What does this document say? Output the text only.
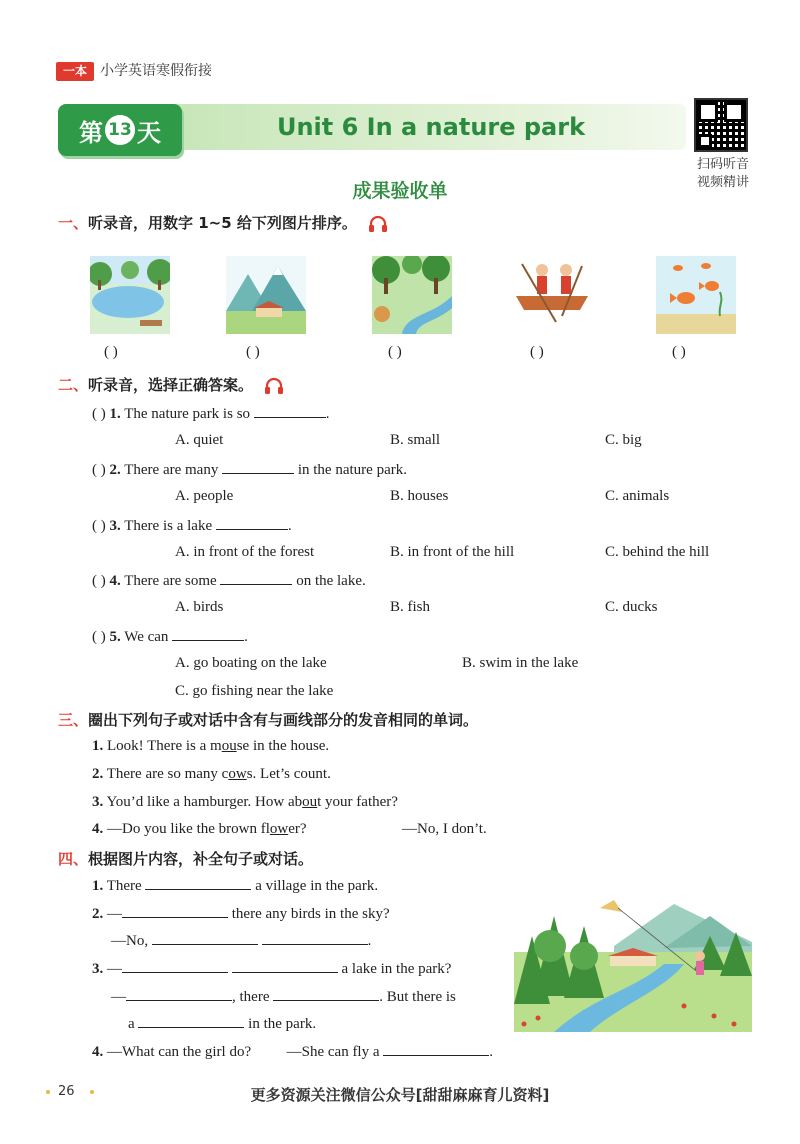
一本 小学英语寒假衔接
Unit 6 In a nature park
第 13 天
扫码听音
视频精讲
成果验收单
一、听录音，用数字 1~5 给下列图片排序。
( )	( )	( )	( )	( )
二、听录音，选择正确答案。
( ) 1. The nature park is so	.
A. quiet	B. small	C. big
( ) 2. There are many	in the nature park.
A. people	B. houses	C. animals
( ) 3. There is a lake	.
A. in front of the forest	B. in front of the hill	C. behind the hill
( ) 4. There are some	on the lake.
A. birds	B. fish	C. ducks
( ) 5. We can	.
A. go boating on the lake	B. swim in the lake
C. go fishing near the lake
三、圈出下列句子或对话中含有与画线部分的发音相同的单词。
1. Look! There is a mouse in the house.
2. There are so many cows. Let’s count.
3. You’d like a hamburger. How about your father?
4. —Do you like the brown flower?	—No, I don’t.
四、根据图片内容，补全句子或对话。
1. There	a village in the park.
2. —	there any birds in the sky?
—No,	.
3. —	a lake in the park?
—	, there	. But there is
a	in the park.
4. —What can the girl do? —She can fly a	.
26	更多资源关注微信公众号[甜甜麻麻育儿资料]
